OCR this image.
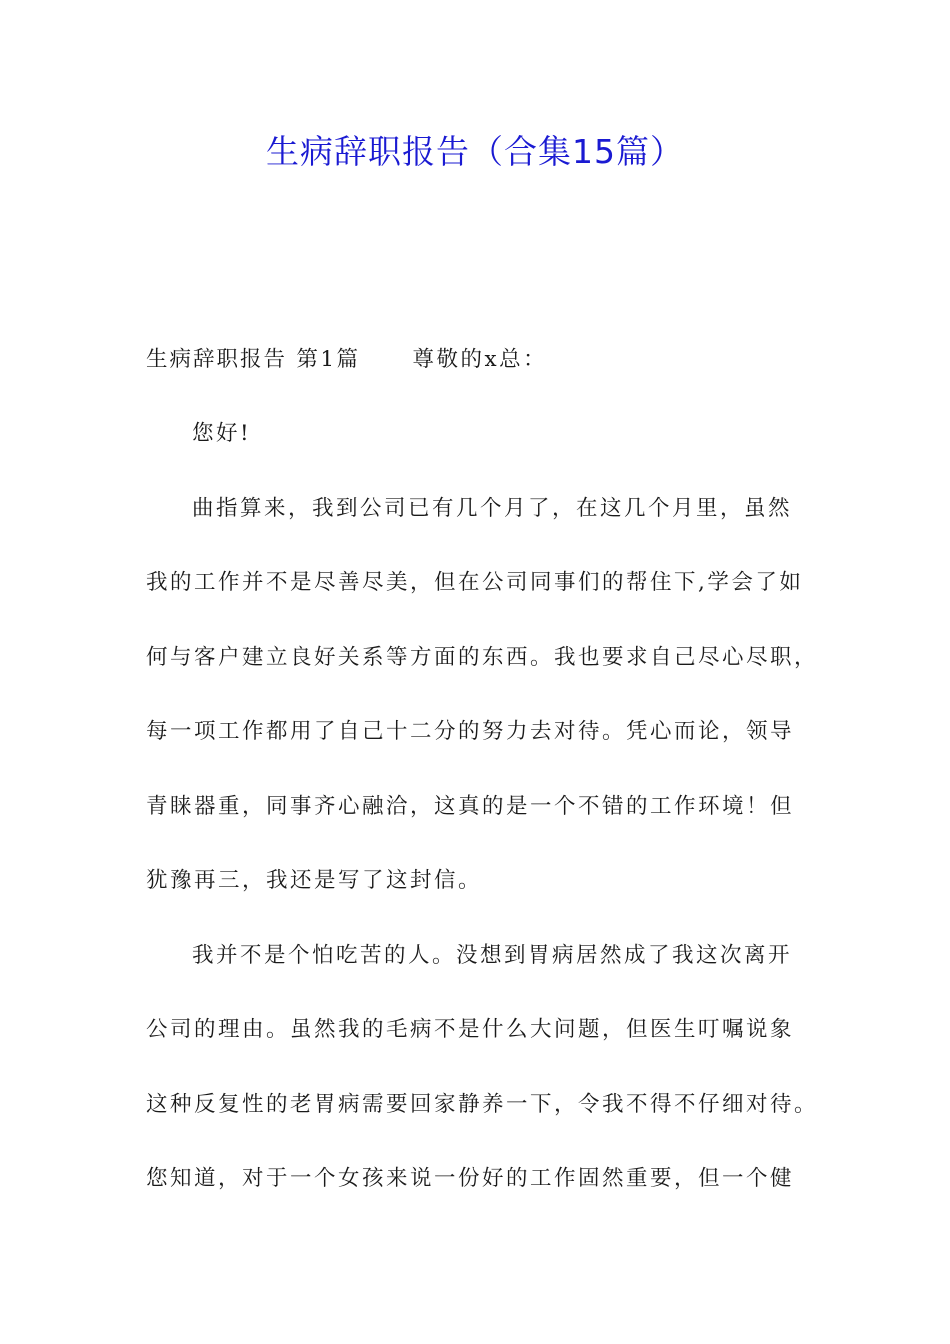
生病辞职报告（合集15篇）
生病辞职报告 第1篇 尊敬的x总：
您好!
曲指算来，我到公司已有几个月了，在这几个月里，虽然
我的工作并不是尽善尽美，但在公司同事们的帮住下,学会了如
何与客户建立良好关系等方面的东西。我也要求自己尽心尽职，
每一项工作都用了自己十二分的努力去对待。凭心而论，领导
青睐器重，同事齐心融洽，这真的是一个不错的工作环境！但
犹豫再三，我还是写了这封信。
我并不是个怕吃苦的人。没想到胃病居然成了我这次离开
公司的理由。虽然我的毛病不是什么大问题，但医生叮嘱说象
这种反复性的老胃病需要回家静养一下，令我不得不仔细对待。
您知道，对于一个女孩来说一份好的工作固然重要，但一个健
